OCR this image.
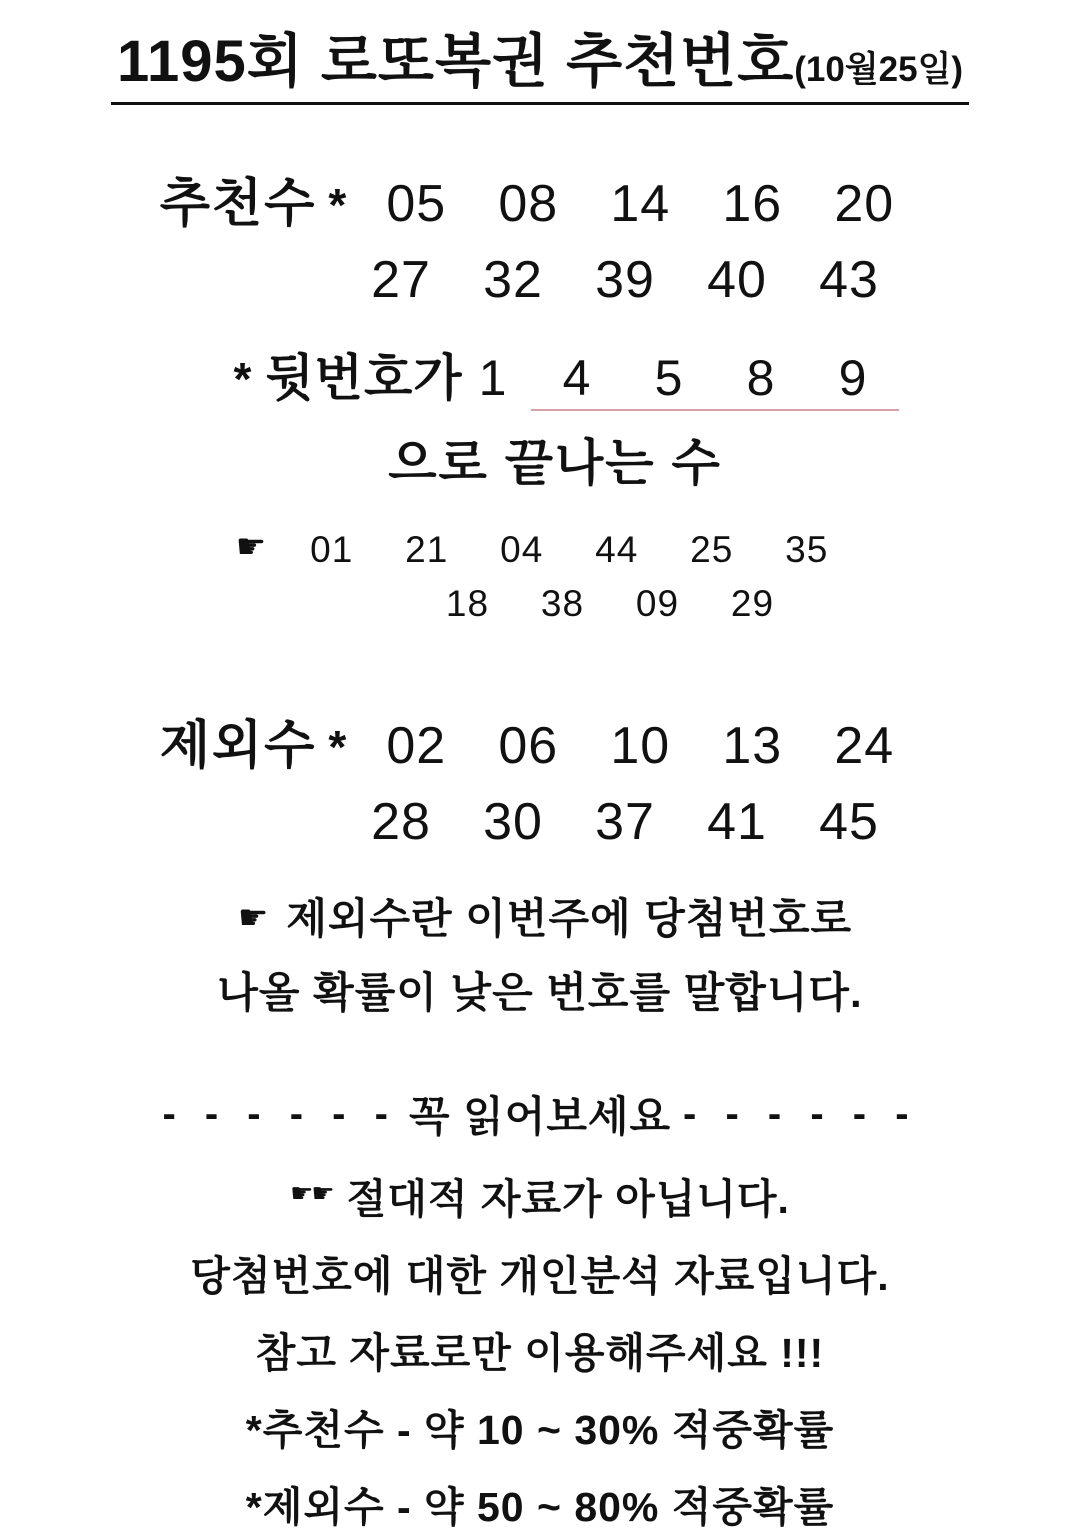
1195회 로또복권 추천번호(10월25일)
추천수 * 05	08	14	16	20
27	32	39	40	43
* 뒷번호가 1	4	5	8	9
으로 끝나는 수
☛	01	21	04	44	25	35
18	38	09	29
제외수 * 02	06	10	13	24
28	30	37	41	45
☛ 제외수란 이번주에 당첨번호로
나올 확률이 낮은 번호를 말합니다.
- - - - - - 꼭 읽어보세요 - - - - - -
☛☛ 절대적 자료가 아닙니다.
당첨번호에 대한 개인분석 자료입니다.
참고 자료로만 이용해주세요 !!!
*추천수 - 약 10 ~ 30% 적중확률
*제외수 - 약 50 ~ 80% 적중확률
